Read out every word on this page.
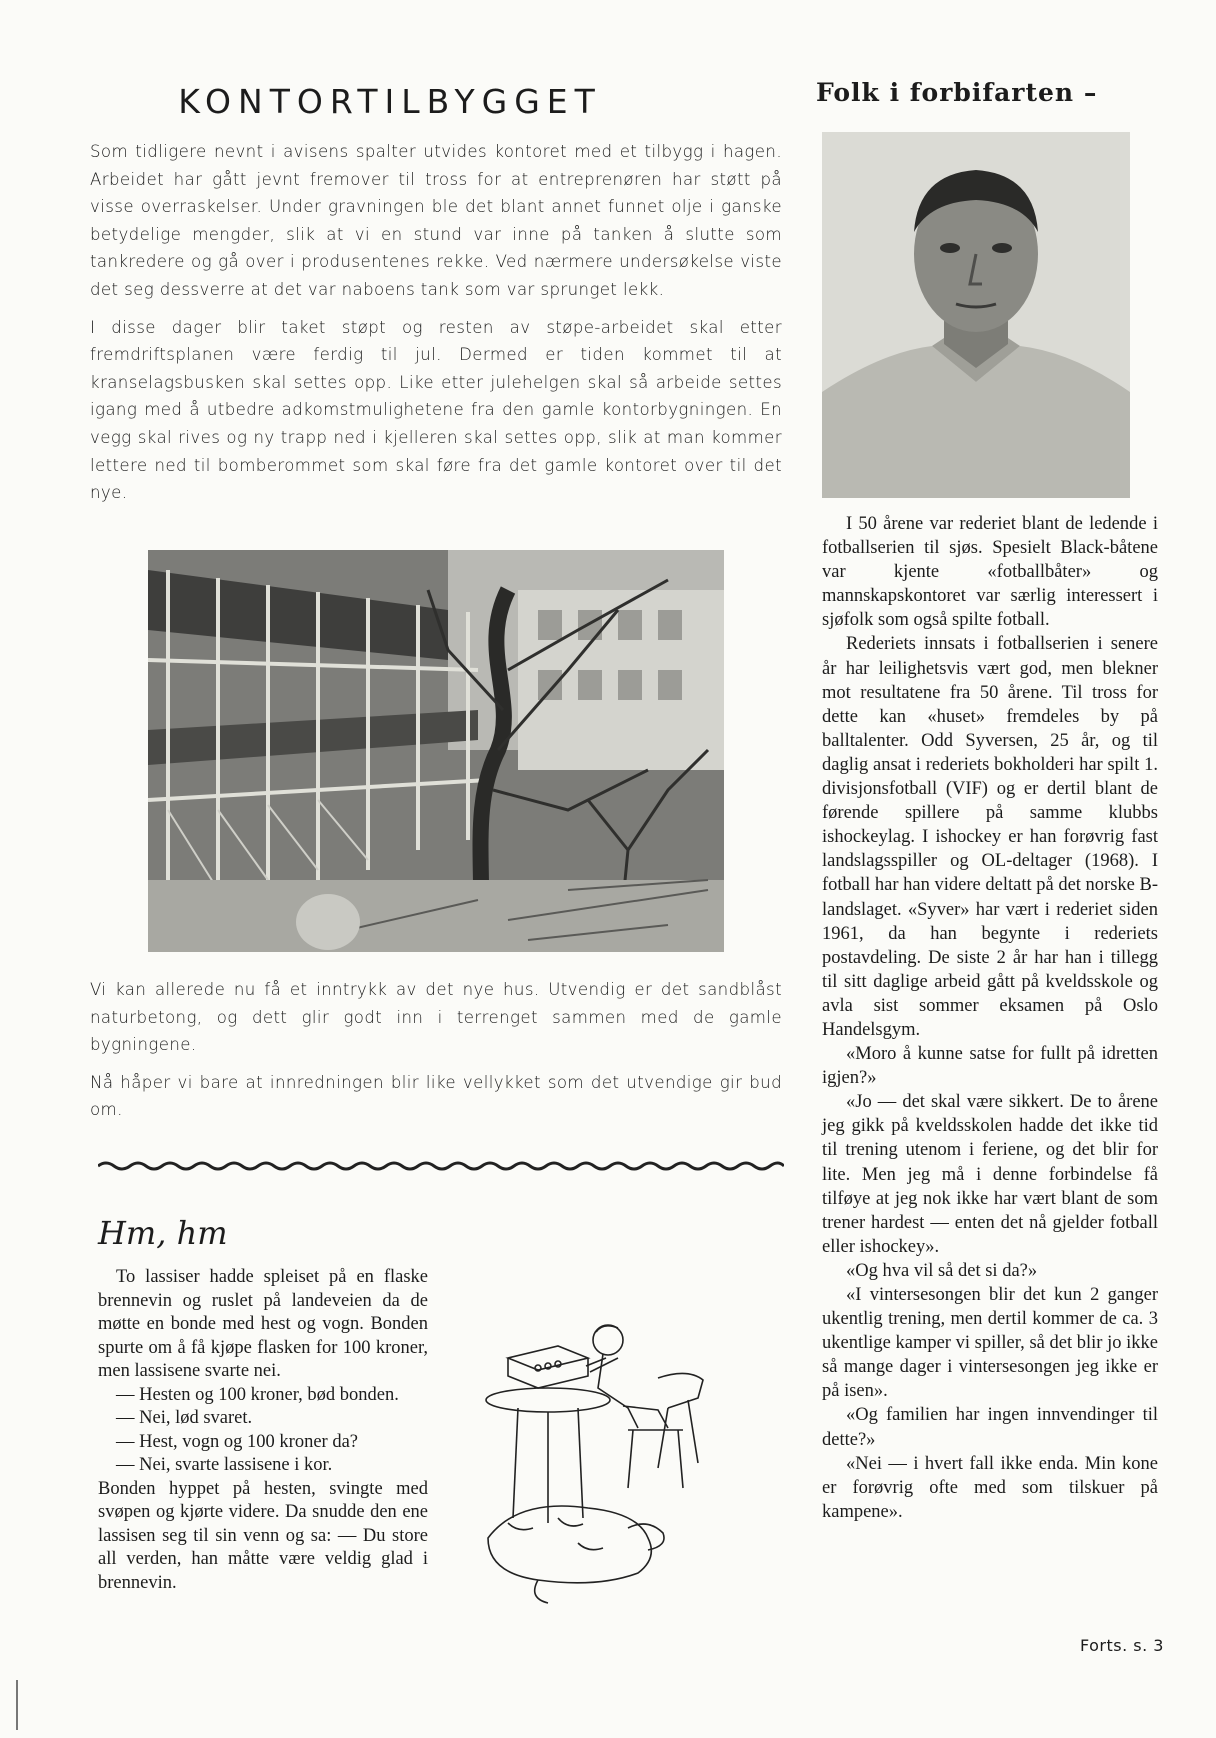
KONTORTILBYGGET

Som tidligere nevnt i avisens spalter utvides kontoret med et tilbygg i hagen. Arbeidet har gått jevnt fremover til tross for at entreprenøren har støtt på visse overraskelser. Under gravningen ble det blant annet funnet olje i ganske betydelige mengder, slik at vi en stund var inne på tanken å slutte som tankredere og gå over i produsentenes rekke. Ved nærmere undersøkelse viste det seg dessverre at det var naboens tank som var sprunget lekk.

I disse dager blir taket støpt og resten av støpe-arbeidet skal etter fremdriftsplanen være ferdig til jul. Dermed er tiden kommet til at kranselagsbusken skal settes opp. Like etter julehelgen skal så arbeide settes igang med å utbedre adkomstmulighetene fra den gamle kontorbygningen. En vegg skal rives og ny trapp ned i kjelleren skal settes opp, slik at man kommer lettere ned til bomberommet som skal føre fra det gamle kontoret over til det nye.

Vi kan allerede nu få et inntrykk av det nye hus. Utvendig er det sandblåst naturbetong, og dett glir godt inn i terrenget sammen med de gamle bygningene.

Nå håper vi bare at innredningen blir like vellykket som det utvendige gir bud om.

Hm, hm

To lassiser hadde spleiset på en flaske brennevin og ruslet på landeveien da de møtte en bonde med hest og vogn. Bonden spurte om å få kjøpe flasken for 100 kroner, men lassisene svarte nei.

— Hesten og 100 kroner, bød bonden.

— Nei, lød svaret.

— Hest, vogn og 100 kroner da?

— Nei, svarte lassisene i kor.

Bonden hyppet på hesten, svingte med svøpen og kjørte videre. Da snudde den ene lassisen seg til sin venn og sa: — Du store all verden, han måtte være veldig glad i brennevin.

Folk i forbifarten –

I 50 årene var rederiet blant de ledende i fotballserien til sjøs. Spesielt Black-båtene var kjente «fotballbåter» og mannskapskontoret var særlig interessert i sjøfolk som også spilte fotball.

Rederiets innsats i fotballserien i senere år har leilighetsvis vært god, men blekner mot resultatene fra 50 årene. Til tross for dette kan «huset» fremdeles by på balltalenter. Odd Syversen, 25 år, og til daglig ansat i rederiets bokholderi har spilt 1. divisjonsfotball (VIF) og er dertil blant de førende spillere på samme klubbs ishockeylag. I ishockey er han forøvrig fast landslagsspiller og OL-deltager (1968). I fotball har han videre deltatt på det norske B-landslaget. «Syver» har vært i rederiet siden 1961, da han begynte i rederiets postavdeling. De siste 2 år har han i tillegg til sitt daglige arbeid gått på kveldsskole og avla sist sommer eksamen på Oslo Handelsgym.

«Moro å kunne satse for fullt på idretten igjen?»

«Jo — det skal være sikkert. De to årene jeg gikk på kveldsskolen hadde det ikke tid til trening utenom i feriene, og det blir for lite. Men jeg må i denne forbindelse få tilføye at jeg nok ikke har vært blant de som trener hardest — enten det nå gjelder fotball eller ishockey».

«Og hva vil så det si da?»

«I vintersesongen blir det kun 2 ganger ukentlig trening, men dertil kommer de ca. 3 ukentlige kamper vi spiller, så det blir jo ikke så mange dager i vintersesongen jeg ikke er på isen».

«Og familien har ingen innvendinger til dette?»

«Nei — i hvert fall ikke enda. Min kone er forøvrig ofte med som tilskuer på kampene».

Forts. s. 3
